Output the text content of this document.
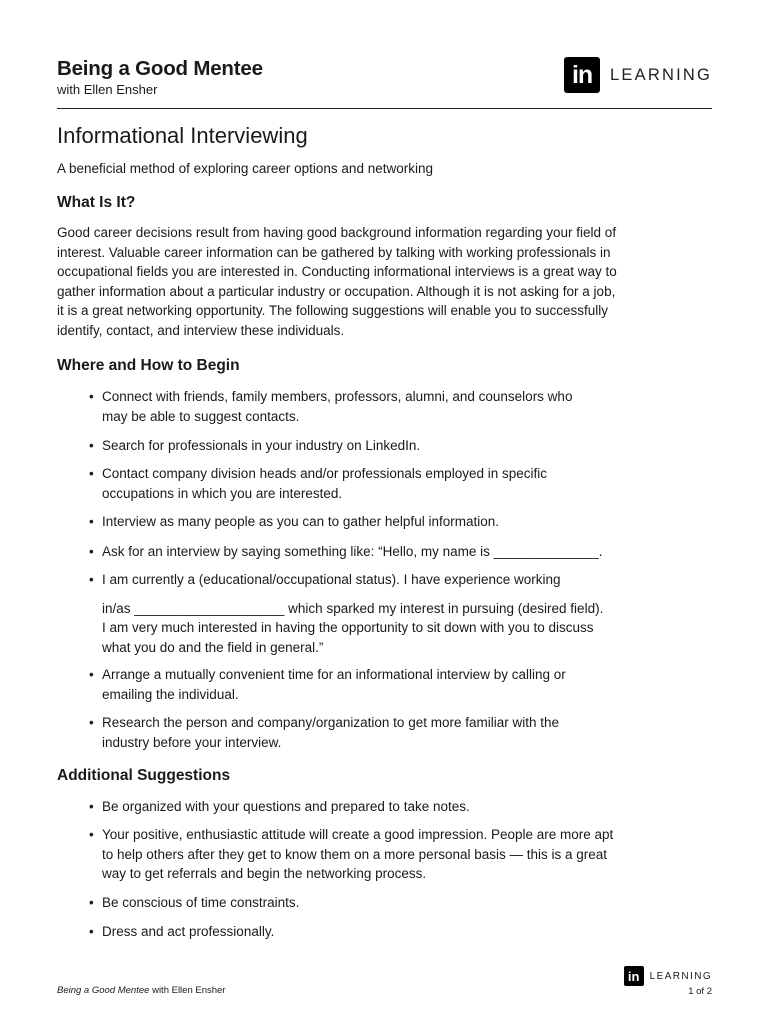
Being a Good Mentee
with Ellen Ensher
in	LEARNING
Informational Interviewing
A beneficial method of exploring career options and networking
What Is It?
Good career decisions result from having good background information regarding your field of
interest. Valuable career information can be gathered by talking with working professionals in
occupational fields you are interested in. Conducting informational interviews is a great way to
gather information about a particular industry or occupation. Although it is not asking for a job,
it is a great networking opportunity. The following suggestions will enable you to successfully
identify, contact, and interview these individuals.
Where and How to Begin
• Connect with friends, family members, professors, alumni, and counselors who
may be able to suggest contacts.
• Search for professionals in your industry on LinkedIn.
• Contact company division heads and/or professionals employed in specific
occupations in which you are interested.
• Interview as many people as you can to gather helpful information.
• Ask for an interview by saying something like: “Hello, my name is ______________.
• I am currently a (educational/occupational status). I have experience working
in/as ____________________ which sparked my interest in pursuing (desired field).
I am very much interested in having the opportunity to sit down with you to discuss
what you do and the field in general.”
• Arrange a mutually convenient time for an informational interview by calling or
emailing the individual.
• Research the person and company/organization to get more familiar with the
industry before your interview.
Additional Suggestions
• Be organized with your questions and prepared to take notes.
• Your positive, enthusiastic attitude will create a good impression. People are more apt
to help others after they get to know them on a more personal basis — this is a great
way to get referrals and begin the networking process.
• Be conscious of time constraints.
• Dress and act professionally.
Being a Good Mentee with Ellen Ensher
in	LEARNING
1 of 2
